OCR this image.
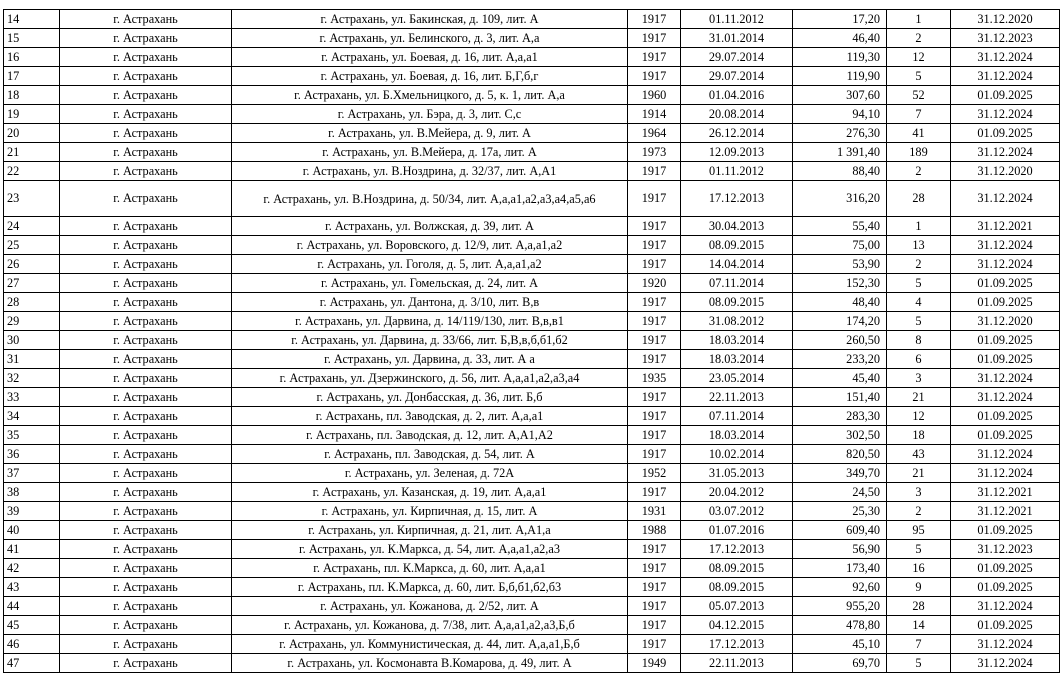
14	г. Астрахань	г. Астрахань, ул. Бакинская, д. 109, лит. А	1917	01.11.2012	17,20	1	31.12.2020
15	г. Астрахань	г. Астрахань, ул. Белинского, д. 3, лит. А,а	1917	31.01.2014	46,40	2	31.12.2023
16	г. Астрахань	г. Астрахань, ул. Боевая, д. 16, лит. А,а,а1	1917	29.07.2014	119,30	12	31.12.2024
17	г. Астрахань	г. Астрахань, ул. Боевая, д. 16, лит. Б,Г,б,г	1917	29.07.2014	119,90	5	31.12.2024
18	г. Астрахань	г. Астрахань, ул. Б.Хмельницкого, д. 5, к. 1, лит. А,а	1960	01.04.2016	307,60	52	01.09.2025
19	г. Астрахань	г. Астрахань, ул. Бэра, д. 3, лит. С,с	1914	20.08.2014	94,10	7	31.12.2024
20	г. Астрахань	г. Астрахань, ул. В.Мейера, д. 9, лит. А	1964	26.12.2014	276,30	41	01.09.2025
21	г. Астрахань	г. Астрахань, ул. В.Мейера, д. 17а, лит. А	1973	12.09.2013	1 391,40	189	31.12.2024
22	г. Астрахань	г. Астрахань, ул. В.Ноздрина, д. 32/37, лит. А,А1	1917	01.11.2012	88,40	2	31.12.2020
23	г. Астрахань	г. Астрахань, ул. В.Ноздрина, д. 50/34, лит. А,а,а1,а2,а3,а4,а5,а6	1917	17.12.2013	316,20	28	31.12.2024
24	г. Астрахань	г. Астрахань, ул. Волжская, д. 39, лит. А	1917	30.04.2013	55,40	1	31.12.2021
25	г. Астрахань	г. Астрахань, ул. Воровского, д. 12/9, лит. А,а,а1,а2	1917	08.09.2015	75,00	13	31.12.2024
26	г. Астрахань	г. Астрахань, ул. Гоголя, д. 5, лит. А,а,а1,а2	1917	14.04.2014	53,90	2	31.12.2024
27	г. Астрахань	г. Астрахань, ул. Гомельская, д. 24, лит. А	1920	07.11.2014	152,30	5	01.09.2025
28	г. Астрахань	г. Астрахань, ул. Дантона, д. 3/10, лит. В,в	1917	08.09.2015	48,40	4	01.09.2025
29	г. Астрахань	г. Астрахань, ул. Дарвина, д. 14/119/130, лит. В,в,в1	1917	31.08.2012	174,20	5	31.12.2020
30	г. Астрахань	г. Астрахань, ул. Дарвина, д. 33/66, лит. Б,В,в,б,б1,б2	1917	18.03.2014	260,50	8	01.09.2025
31	г. Астрахань	г. Астрахань, ул. Дарвина, д. 33, лит. А а	1917	18.03.2014	233,20	6	01.09.2025
32	г. Астрахань	г. Астрахань, ул. Дзержинского, д. 56, лит. А,а,а1,а2,а3,а4	1935	23.05.2014	45,40	3	31.12.2024
33	г. Астрахань	г. Астрахань, ул. Донбасская, д. 36, лит. Б,б	1917	22.11.2013	151,40	21	31.12.2024
34	г. Астрахань	г. Астрахань, пл. Заводская, д. 2, лит. А,а,а1	1917	07.11.2014	283,30	12	01.09.2025
35	г. Астрахань	г. Астрахань, пл. Заводская, д. 12, лит. А,А1,А2	1917	18.03.2014	302,50	18	01.09.2025
36	г. Астрахань	г. Астрахань, пл. Заводская, д. 54, лит. А	1917	10.02.2014	820,50	43	31.12.2024
37	г. Астрахань	г. Астрахань, ул. Зеленая, д. 72А	1952	31.05.2013	349,70	21	31.12.2024
38	г. Астрахань	г. Астрахань, ул. Казанская, д. 19, лит. А,а,а1	1917	20.04.2012	24,50	3	31.12.2021
39	г. Астрахань	г. Астрахань, ул. Кирпичная, д. 15, лит. А	1931	03.07.2012	25,30	2	31.12.2021
40	г. Астрахань	г. Астрахань, ул. Кирпичная, д. 21, лит. А,А1,а	1988	01.07.2016	609,40	95	01.09.2025
41	г. Астрахань	г. Астрахань, ул. К.Маркса, д. 54, лит. А,а,а1,а2,а3	1917	17.12.2013	56,90	5	31.12.2023
42	г. Астрахань	г. Астрахань, пл. К.Маркса, д. 60, лит. А,а,а1	1917	08.09.2015	173,40	16	01.09.2025
43	г. Астрахань	г. Астрахань, пл. К.Маркса, д. 60, лит. Б,б,б1,б2,б3	1917	08.09.2015	92,60	9	01.09.2025
44	г. Астрахань	г. Астрахань, ул. Кожанова, д. 2/52, лит. А	1917	05.07.2013	955,20	28	31.12.2024
45	г. Астрахань	г. Астрахань, ул. Кожанова, д. 7/38, лит. А,а,а1,а2,а3,Б,б	1917	04.12.2015	478,80	14	01.09.2025
46	г. Астрахань	г. Астрахань, ул. Коммунистическая, д. 44, лит. А,а,а1,Б,б	1917	17.12.2013	45,10	7	31.12.2024
47	г. Астрахань	г. Астрахань, ул. Космонавта В.Комарова, д. 49, лит. А	1949	22.11.2013	69,70	5	31.12.2024
